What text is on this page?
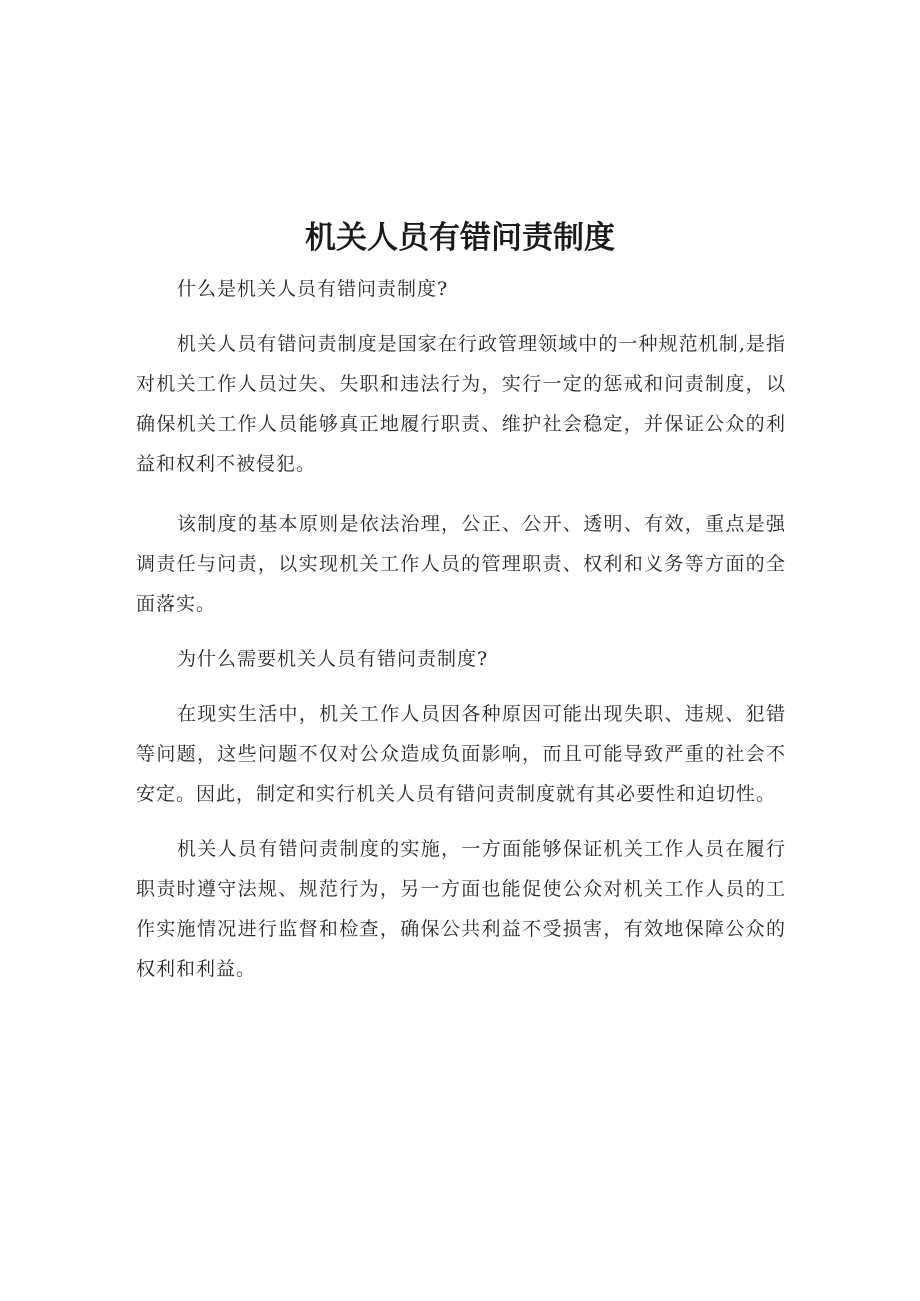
机关人员有错问责制度

什么是机关人员有错问责制度?

机关人员有错问责制度是国家在行政管理领域中的一种规范机制,是指对机关工作人员过失、失职和违法行为，实行一定的惩戒和问责制度，以确保机关工作人员能够真正地履行职责、维护社会稳定，并保证公众的利益和权利不被侵犯。

该制度的基本原则是依法治理，公正、公开、透明、有效，重点是强调责任与问责，以实现机关工作人员的管理职责、权利和义务等方面的全面落实。

为什么需要机关人员有错问责制度?

在现实生活中，机关工作人员因各种原因可能出现失职、违规、犯错等问题，这些问题不仅对公众造成负面影响，而且可能导致严重的社会不安定。因此，制定和实行机关人员有错问责制度就有其必要性和迫切性。

机关人员有错问责制度的实施，一方面能够保证机关工作人员在履行职责时遵守法规、规范行为，另一方面也能促使公众对机关工作人员的工作实施情况进行监督和检查，确保公共利益不受损害，有效地保障公众的权利和利益。
